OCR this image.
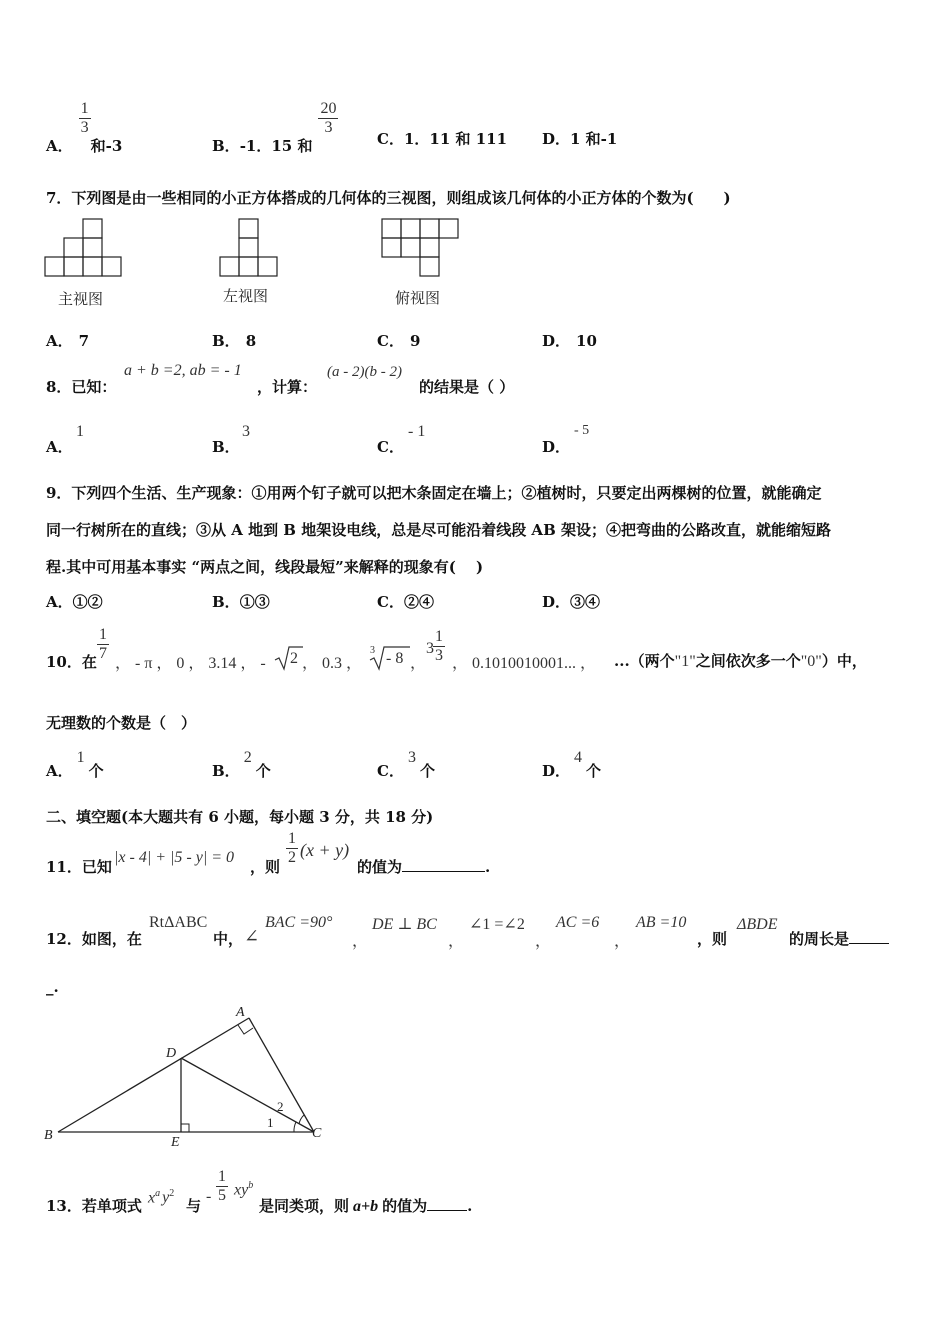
A．
$\frac{1}{3}$
和-3	B．-1．15 和
$\frac{20}{3}$
C．1．11 和 111 D．1 和-1
7．下列图是由一些相同的小正方体搭成的几何体的三视图，则组成该几何体的小正方体的个数为(　　)
主视图	左视图	俯视图
A． 7	B． 8	C． 9	D． 10
8．已知：
a + b =2, ab = - 1
，计算：
(a - 2)(b - 2)
的结果是（ ）
A．
1
B．
3
C．
- 1
D．
- 5
9．下列四个生活、生产现象：①用两个钉子就可以把木条固定在墙上；②植树时，只要定出两棵树的位置，就能确定
同一行树所在的直线；③从 A 地到 B 地架设电线，总是尽可能沿着线段 AB 架设；④把弯曲的公路改直，就能缩短路
程.其中可用基本事实 “两点之间，线段最短”来解释的现象有(　 )
A．①②	B．①③	C．②④	D．③④
10．在 $\frac{1}{7}$
， - π ， 0 ， 3.14 ， - 2 ， 0.3 ，
3 - 8 ，
$3 \frac{1}{3}$ ， 0.1010010001... ， ...（两个"1"之间依次多一个"0"）中，
无理数的个数是（　）
A．1个	B．2个	C．3个	D．4个
二、填空题(本大题共有 6 小题，每小题 3 分，共 18 分)
11．已知
|x - 4| + |5 - y| = 0
，则 $\frac{1}{2} (x + y)$
的值为	.
12．如图，在
RtΔABC
中， ∠
BAC =90°
，
DE ⊥ BC
，
∠1 =∠2
，
AC =6
，
AB =10
，则
ΔBDE
的周长是
_.
A
B	C
D
E
1
2
13．若单项式 $x^a$ $y^2$
与
- $\frac{1}{5} xy^b$
是同类项，则 a+b 的值为	.
